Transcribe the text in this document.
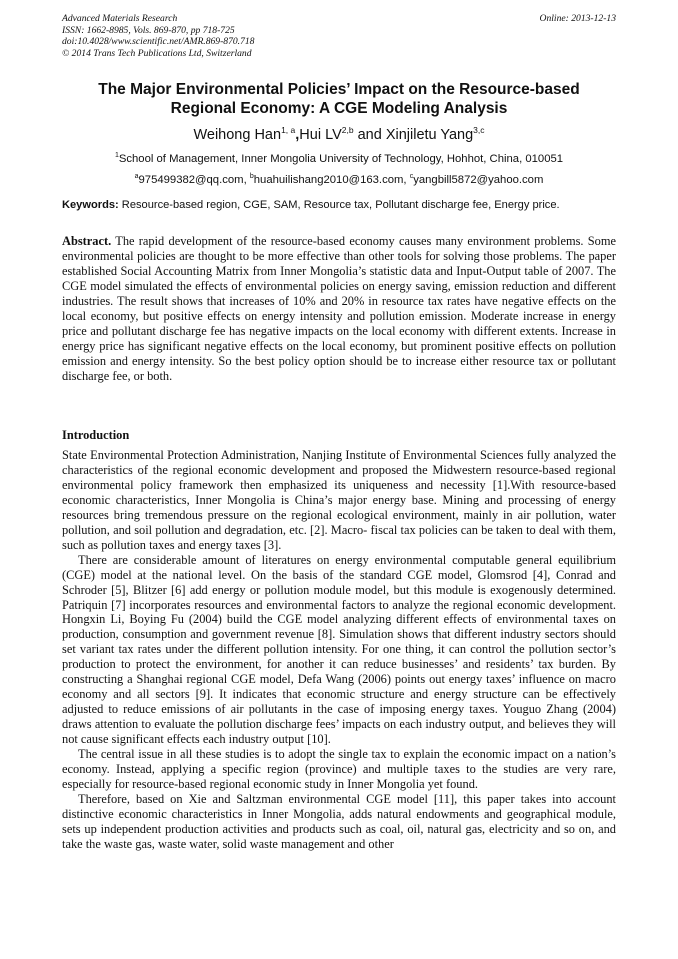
Advanced Materials Research
ISSN: 1662-8985, Vols. 869-870, pp 718-725
doi:10.4028/www.scientific.net/AMR.869-870.718
© 2014 Trans Tech Publications Ltd, Switzerland
Online: 2013-12-13
The Major Environmental Policies’ Impact on the Resource-based
Regional Economy: A CGE Modeling Analysis
Weihong Han$^{1, a}$,Hui LV$^{2,b}$ and Xinjiletu Yang$^{3,c}$
$^1$School of Management, Inner Mongolia University of Technology, Hohhot, China, 010051
$^a$975499382@qq.com, $^b$huahuilishang2010@163.com, $^c$yangbill5872@yahoo.com
Keywords: Resource-based region, CGE, SAM, Resource tax, Pollutant discharge fee, Energy price.
Abstract. The rapid development of the resource-based economy causes many environment problems. Some environmental policies are thought to be more effective than other tools for solving those problems. The paper established Social Accounting Matrix from Inner Mongolia’s statistic data and Input-Output table of 2007. The CGE model simulated the effects of environmental policies on energy saving, emission reduction and different industries. The result shows that increases of 10% and 20% in resource tax rates have negative effects on the local economy, but positive effects on energy intensity and pollution emission. Moderate increase in energy price and pollutant discharge fee has negative impacts on the local economy with different extents. Increase in energy price has significant negative effects on the local economy, but prominent positive effects on pollution emission and energy intensity. So the best policy option should be to increase either resource tax or pollutant discharge fee, or both.
Introduction

State Environmental Protection Administration, Nanjing Institute of Environmental Sciences fully analyzed the characteristics of the regional economic development and proposed the Midwestern resource-based regional environmental policy framework then emphasized its uniqueness and necessity [1].With resource-based economic characteristics, Inner Mongolia is China’s major energy base. Mining and processing of energy resources bring tremendous pressure on the regional ecological environment, mainly in air pollution, water pollution, and soil pollution and degradation, etc. [2]. Macro- fiscal tax policies can be taken to deal with them, such as pollution taxes and energy taxes [3].

There are considerable amount of literatures on energy environmental computable general equilibrium (CGE) model at the national level. On the basis of the standard CGE model, Glomsrod [4], Conrad and Schroder [5], Blitzer [6] add energy or pollution module model, but this module is exogenously determined. Patriquin [7] incorporates resources and environmental factors to analyze the regional economic development. Hongxin Li, Boying Fu (2004) build the CGE model analyzing different effects of environmental taxes on production, consumption and government revenue [8]. Simulation shows that different industry sectors should set variant tax rates under the different pollution intensity. For one thing, it can control the pollution sector’s production to protect the environment, for another it can reduce businesses’ and residents’ tax burden. By constructing a Shanghai regional CGE model, Defa Wang (2006) points out energy taxes’ influence on macro economy and all sectors [9]. It indicates that economic structure and energy structure can be effectively adjusted to reduce emissions of air pollutants in the case of imposing energy taxes. Youguo Zhang (2004) draws attention to evaluate the pollution discharge fees’ impacts on each industry output, and believes they will not cause significant effects each industry output [10].

The central issue in all these studies is to adopt the single tax to explain the economic impact on a nation’s economy. Instead, applying a specific region (province) and multiple taxes to the studies are very rare, especially for resource-based regional economic study in Inner Mongolia yet found.

Therefore, based on Xie and Saltzman environmental CGE model [11], this paper takes into account distinctive economic characteristics in Inner Mongolia, adds natural endowments and geographical module, sets up independent production activities and products such as coal, oil, natural gas, electricity and so on, and take the waste gas, waste water, solid waste management and other
